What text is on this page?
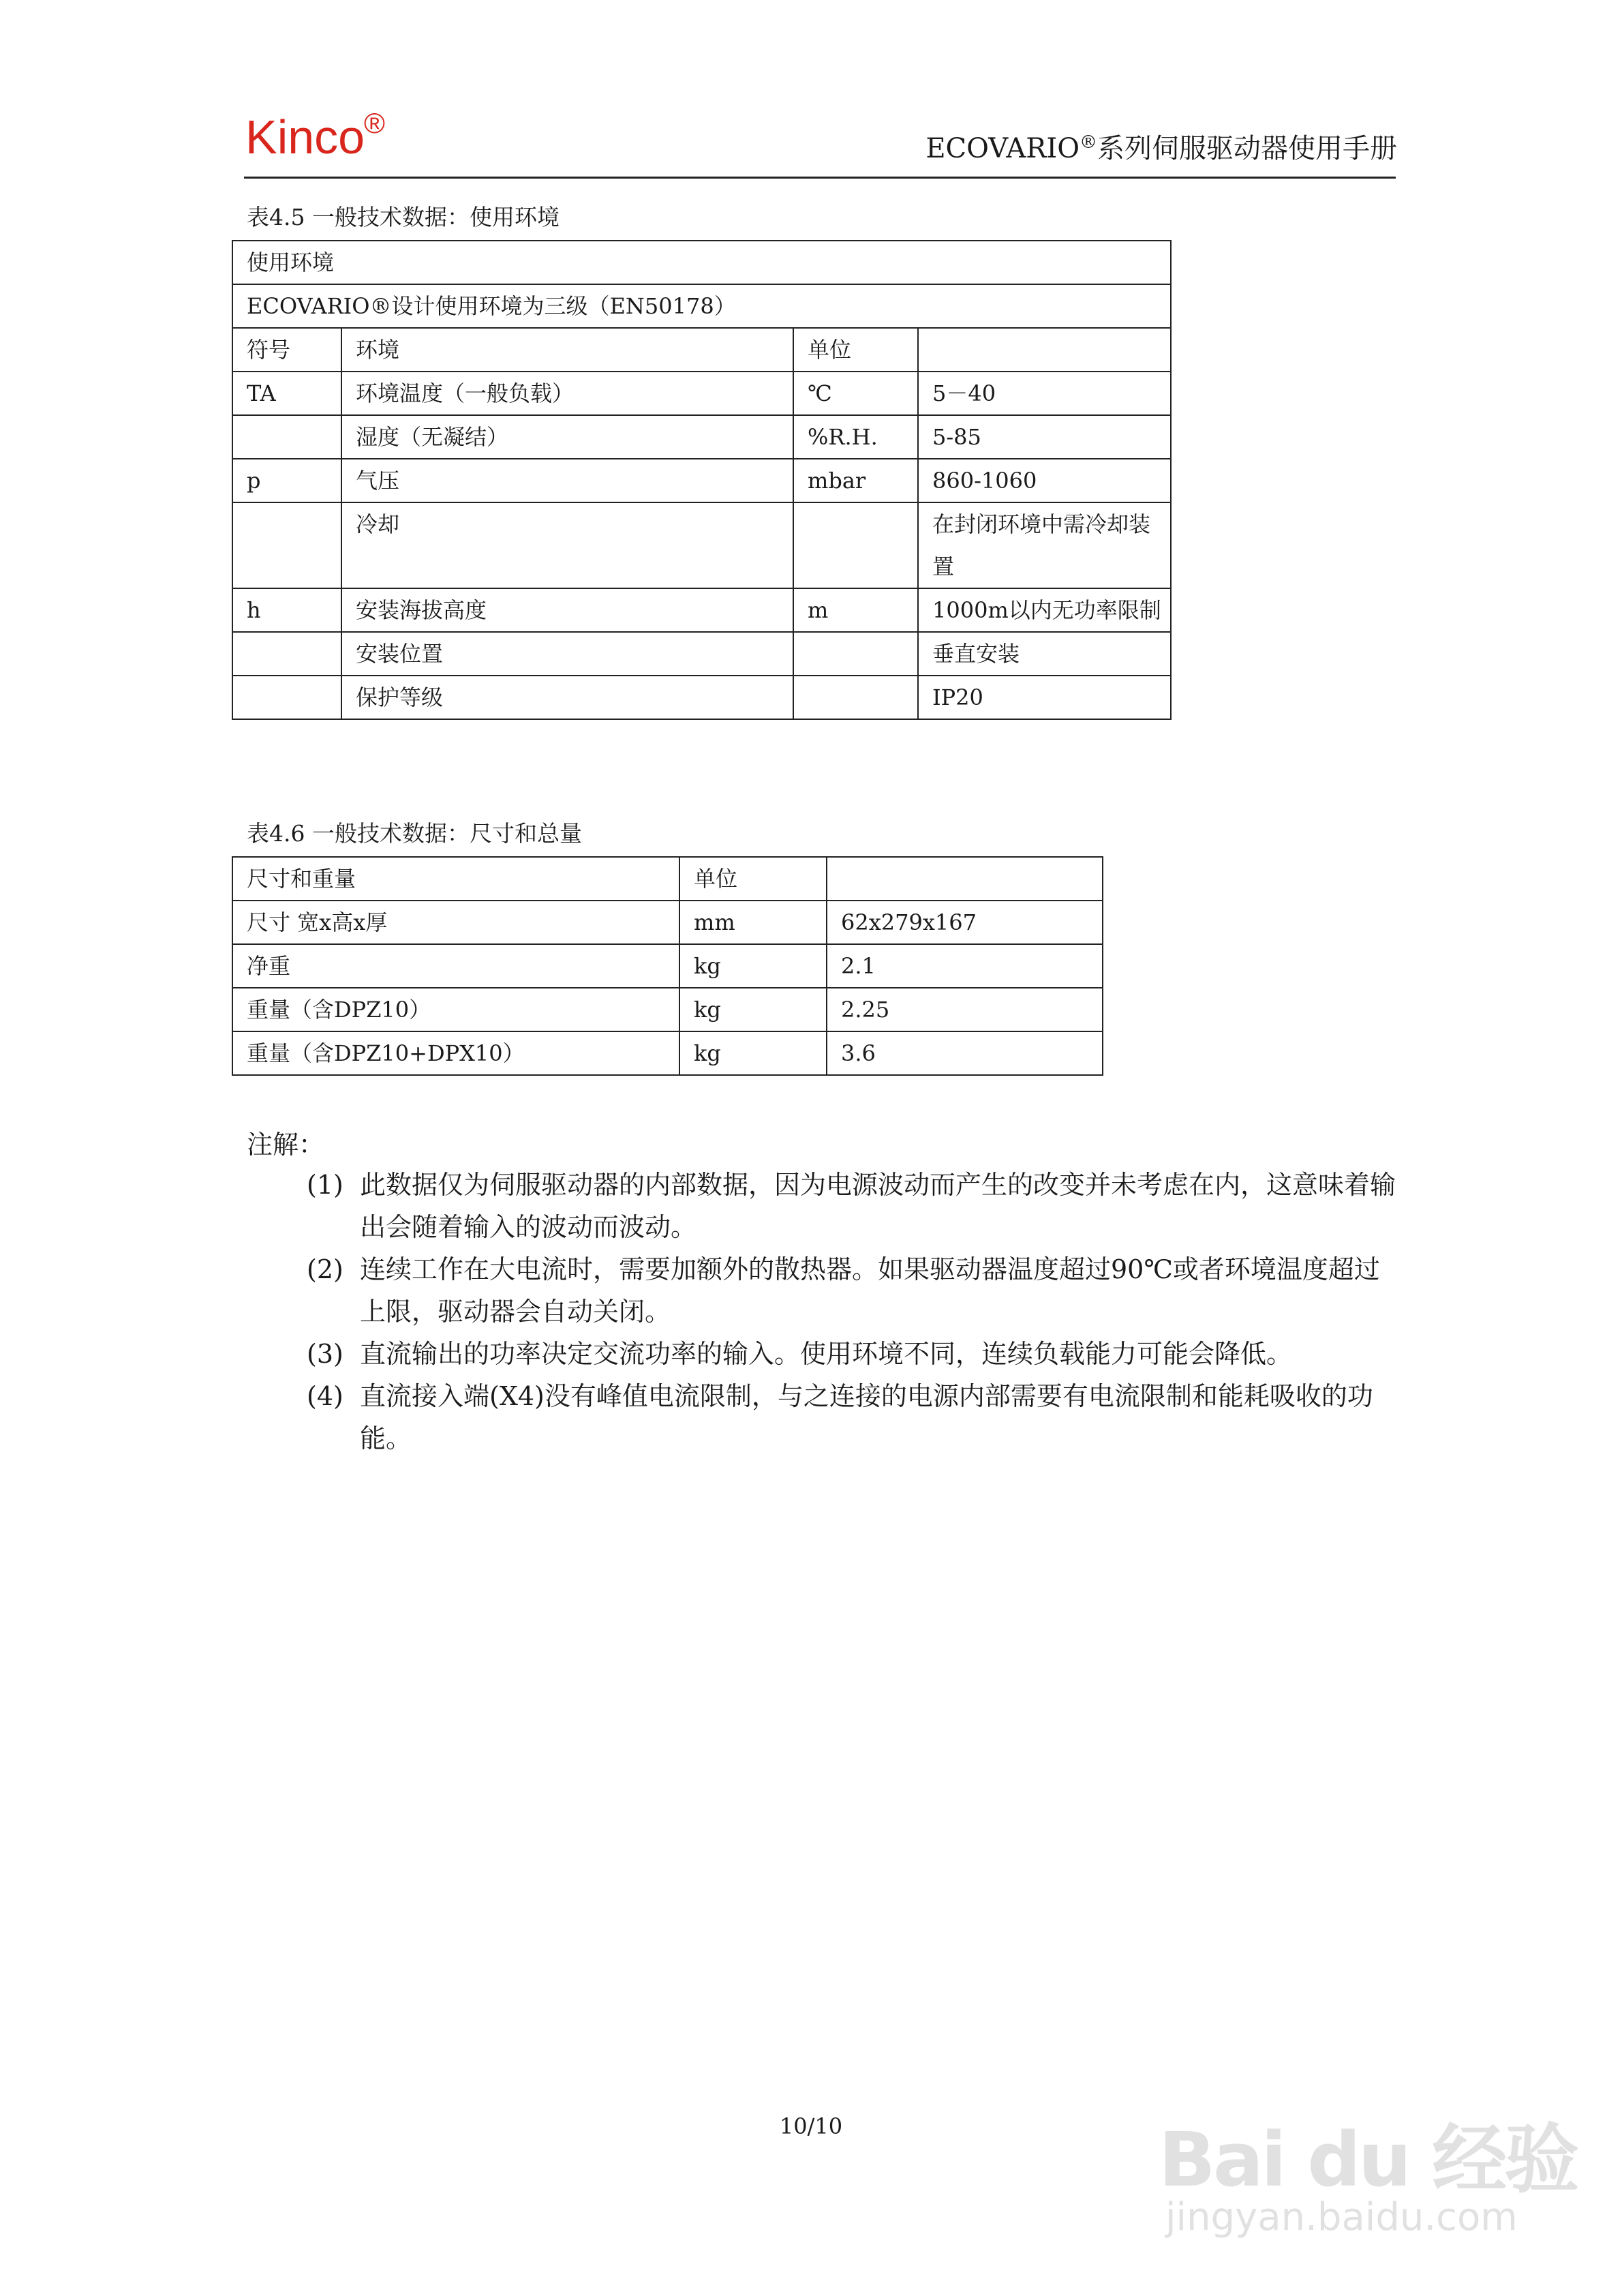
Kinco
®
ECOVARIO®系列伺服驱动器使用手册
表4.5 一般技术数据：使用环境
使用环境			
ECOVARIO®设计使用环境为三级（EN50178）			
符号	环境	单位	
TA	环境温度（一般负载）	℃	5－40
	湿度（无凝结）	%R.H.	5-85
p	气压	mbar	860-1060
	冷却		在封闭环境中需冷却装置
h	安装海拔高度	m	1000m以内无功率限制
	安装位置		垂直安装
	保护等级		IP20
表4.6 一般技术数据：尺寸和总量
尺寸和重量	单位	
尺寸 宽x高x厚	mm	62x279x167
净重	kg	2.1
重量（含DPZ10）	kg	2.25
重量（含DPZ10+DPX10）	kg	3.6
注解：
(1) 此数据仅为伺服驱动器的内部数据，因为电源波动而产生的改变并未考虑在内，这意味着输出会随着输入的波动而波动。
(2) 连续工作在大电流时，需要加额外的散热器。如果驱动器温度超过90℃或者环境温度超过上限，驱动器会自动关闭。
(3) 直流输出的功率决定交流功率的输入。使用环境不同，连续负载能力可能会降低。
(4) 直流接入端(X4)没有峰值电流限制，与之连接的电源内部需要有电流限制和能耗吸收的功能。
10/10	Bai du 经验
jingyan.baidu.com
